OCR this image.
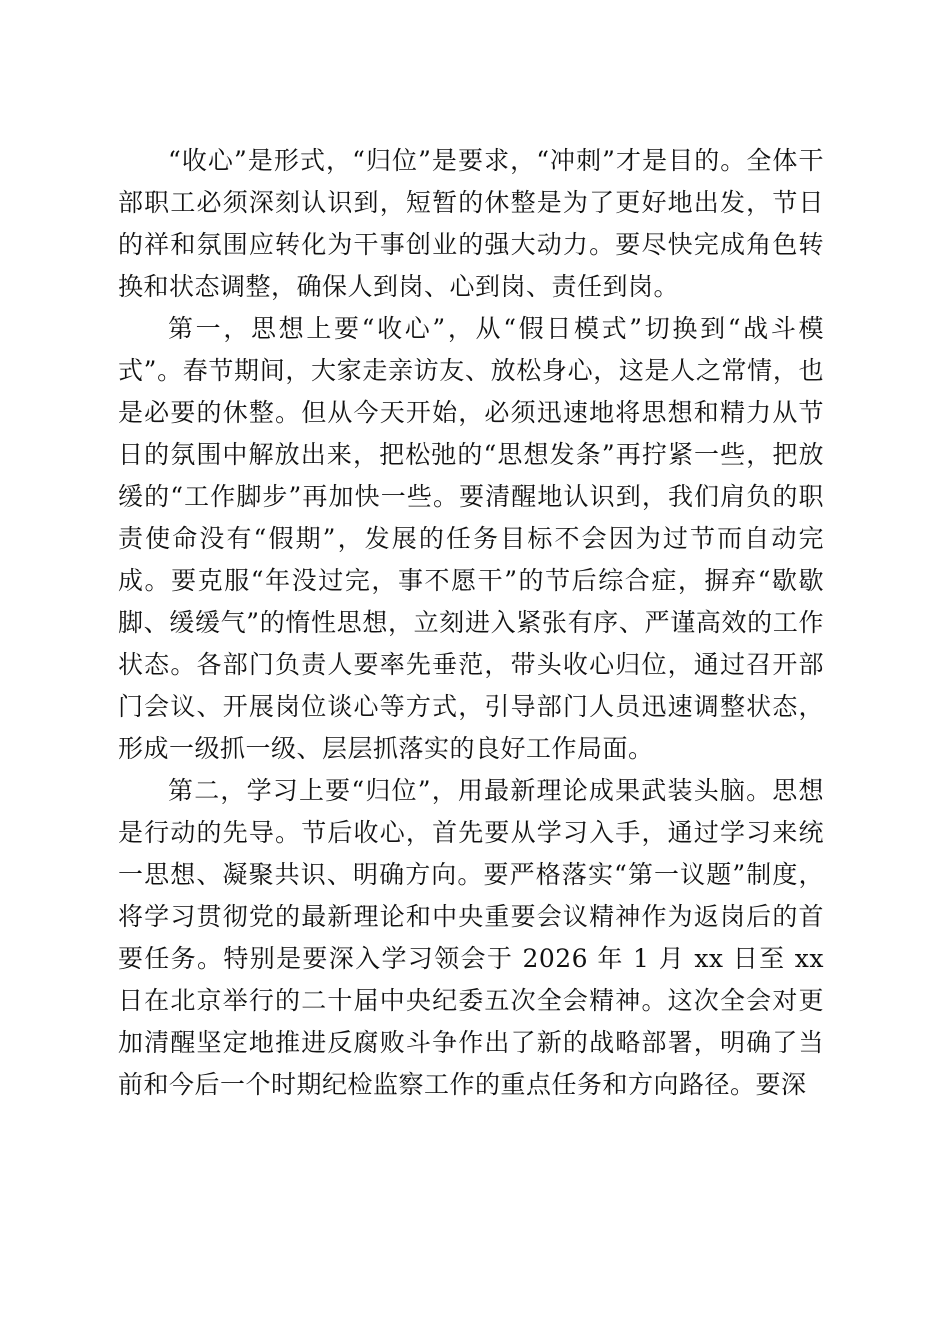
“收心”是形式，“归位”是要求，“冲刺”才是目的。全体干部职工必须深刻认识到，短暂的休整是为了更好地出发，节日的祥和氛围应转化为干事创业的强大动力。要尽快完成角色转换和状态调整，确保人到岗、心到岗、责任到岗。

第一，思想上要“收心”，从“假日模式”切换到“战斗模式”。春节期间，大家走亲访友、放松身心，这是人之常情，也是必要的休整。但从今天开始，必须迅速地将思想和精力从节日的氛围中解放出来，把松弛的“思想发条”再拧紧一些，把放缓的“工作脚步”再加快一些。要清醒地认识到，我们肩负的职责使命没有“假期”，发展的任务目标不会因为过节而自动完成。要克服“年没过完，事不愿干”的节后综合症，摒弃“歇歇脚、缓缓气”的惰性思想，立刻进入紧张有序、严谨高效的工作状态。各部门负责人要率先垂范，带头收心归位，通过召开部门会议、开展岗位谈心等方式，引导部门人员迅速调整状态，形成一级抓一级、层层抓落实的良好工作局面。

第二，学习上要“归位”，用最新理论成果武装头脑。思想是行动的先导。节后收心，首先要从学习入手，通过学习来统一思想、凝聚共识、明确方向。要严格落实“第一议题”制度，将学习贯彻党的最新理论和中央重要会议精神作为返岗后的首要任务。特别是要深入学习领会于 2026 年 1 月 xx 日至 xx 日在北京举行的二十届中央纪委五次全会精神。这次全会对更加清醒坚定地推进反腐败斗争作出了新的战略部署，明确了当前和今后一个时期纪检监察工作的重点任务和方向路径。要深
